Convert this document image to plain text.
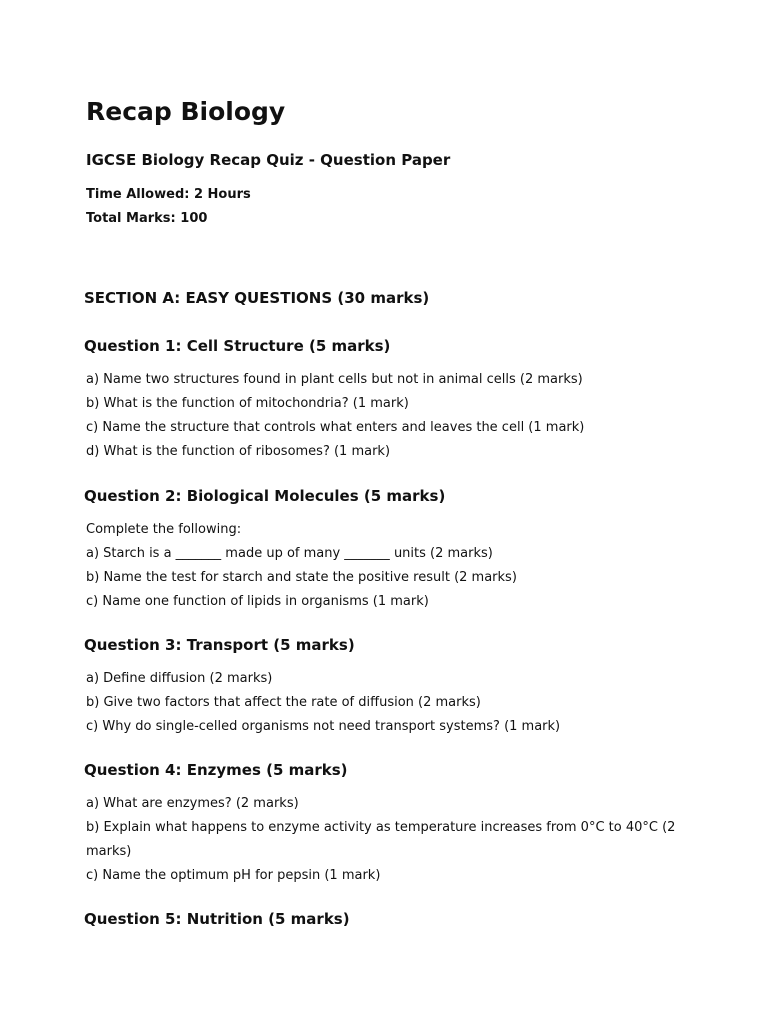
Recap Biology
IGCSE Biology Recap Quiz - Question Paper
Time Allowed: 2 Hours
Total Marks: 100
SECTION A: EASY QUESTIONS (30 marks)
Question 1: Cell Structure (5 marks)
a) Name two structures found in plant cells but not in animal cells (2 marks)
b) What is the function of mitochondria? (1 mark)
c) Name the structure that controls what enters and leaves the cell (1 mark)
d) What is the function of ribosomes? (1 mark)
Question 2: Biological Molecules (5 marks)
Complete the following:
a) Starch is a _______ made up of many _______ units (2 marks)
b) Name the test for starch and state the positive result (2 marks)
c) Name one function of lipids in organisms (1 mark)
Question 3: Transport (5 marks)
a) Define diffusion (2 marks)
b) Give two factors that affect the rate of diffusion (2 marks)
c) Why do single-celled organisms not need transport systems? (1 mark)
Question 4: Enzymes (5 marks)
a) What are enzymes? (2 marks)
b) Explain what happens to enzyme activity as temperature increases from 0°C to 40°C (2 marks)
c) Name the optimum pH for pepsin (1 mark)
Question 5: Nutrition (5 marks)
